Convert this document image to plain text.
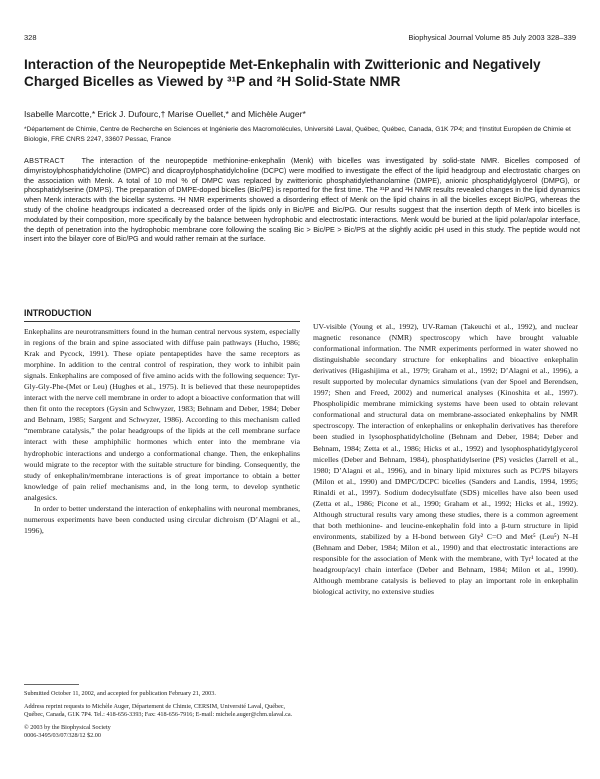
328	Biophysical Journal Volume 85 July 2003 328–339
Interaction of the Neuropeptide Met-Enkephalin with Zwitterionic and Negatively Charged Bicelles as Viewed by ³¹P and ²H Solid-State NMR
Isabelle Marcotte,* Erick J. Dufourc,† Marise Ouellet,* and Michèle Auger*
*Département de Chimie, Centre de Recherche en Sciences et Ingénierie des Macromolécules, Université Laval, Québec, Québec, Canada, G1K 7P4; and †Institut Européen de Chimie et Biologie, FRE CNRS 2247, 33607 Pessac, France

ABSTRACT The interaction of the neuropeptide methionine-enkephalin (Menk) with bicelles was investigated by solid-state NMR. Bicelles composed of dimyristoylphosphatidylcholine (DMPC) and dicaproylphosphatidylcholine (DCPC) were modified to investigate the effect of the lipid headgroup and electrostatic charges on the association with Menk. A total of 10 mol % of DMPC was replaced by zwitterionic phosphatidylethanolamine (DMPE), anionic phosphatidylglycerol (DMPG), or phosphatidylserine (DMPS). The preparation of DMPE-doped bicelles (Bic/PE) is reported for the first time. The ³¹P and ²H NMR results revealed changes in the lipid dynamics when Menk interacts with the bicellar systems. ²H NMR experiments showed a disordering effect of Menk on the lipid chains in all the bicelles except Bic/PG, whereas the study of the choline headgroups indicated a decreased order of the lipids only in Bic/PE and Bic/PG. Our results suggest that the insertion depth of Merk into bicelles is modulated by their composition, more specifically by the balance between hydrophobic and electrostatic interactions. Menk would be buried at the lipid polar/apolar interface, the depth of penetration into the hydrophobic membrane core following the scaling Bic > Bic/PE > Bic/PS at the slightly acidic pH used in this study. The peptide would not insert into the bilayer core of Bic/PG and would rather remain at the surface.

INTRODUCTION

Enkephalins are neurotransmitters found in the human central nervous system, especially in regions of the brain and spine associated with diffuse pain pathways (Hucho, 1986; Krak and Pycock, 1991). These opiate pentapeptides have the same receptors as morphine. In addition to the central control of respiration, they work to inhibit pain signals. Enkephalins are composed of five amino acids with the following sequence: Tyr-Gly-Gly-Phe-(Met or Leu) (Hughes et al., 1975). It is believed that these neuropeptides interact with the nerve cell membrane in order to adopt a bioactive conformation that will then fit onto the receptors (Gysin and Schwyzer, 1983; Behnam and Deber, 1984; Deber and Behnam, 1985; Sargent and Schwyzer, 1986). According to this mechanism called “membrane catalysis,” the polar headgroups of the lipids at the cell membrane surface interact with these amphiphilic hormones which enter into the membrane via hydrophobic interactions and undergo a conformational change. Then, the enkephalins would migrate to the receptor with the suitable structure for binding. Consequently, the study of enkephalin/membrane interactions is of great importance to obtain a better knowledge of pain relief mechanisms and, in the long term, to develop synthetic analgesics.

In order to better understand the interaction of enkephalins with neuronal membranes, numerous experiments have been conducted using circular dichroism (D’Alagni et al., 1996),

UV-visible (Young et al., 1992), UV-Raman (Takeuchi et al., 1992), and nuclear magnetic resonance (NMR) spectroscopy which have brought valuable conformational information. The NMR experiments performed in water showed no distinguishable secondary structure for enkephalins and bioactive enkephalin derivatives (Higashijima et al., 1979; Graham et al., 1992; D’Alagni et al., 1996), a result supported by molecular dynamics simulations (van der Spoel and Berendsen, 1997; Shen and Freed, 2002) and numerical analyses (Kinoshita et al., 1997). Phospholipidic membrane mimicking systems have been used to obtain relevant conformational and structural data on membrane-associated enkephalins by NMR spectroscopy. The interaction of enkephalins or enkephalin derivatives has therefore been studied in lysophosphatidylcholine (Behnam and Deber, 1984; Deber and Behnam, 1984; Zetta et al., 1986; Hicks et al., 1992) and lysophosphatidylglycerol micelles (Deber and Behnam, 1984), phosphatidylserine (PS) vesicles (Jarrell et al., 1980; D’Alagni et al., 1996), and in binary lipid mixtures such as PC/PS bilayers (Milon et al., 1990) and DMPC/DCPC bicelles (Sanders and Landis, 1994, 1995; Rinaldi et al., 1997). Sodium dodecylsulfate (SDS) micelles have also been used (Zetta et al., 1986; Picone et al., 1990; Graham et al., 1992; Hicks et al., 1992). Although structural results vary among these studies, there is a common agreement that both methionine- and leucine-enkephalin fold into a β-turn structure in lipid environments, stabilized by a H-bond between Gly² C=O and Met⁵ (Leu⁵) N–H (Behnam and Deber, 1984; Milon et al., 1990) and that electrostatic interactions are responsible for the association of Menk with the membrane, with Tyr¹ located at the headgroup/acyl chain interface (Deber and Behnam, 1984; Milon et al., 1990). Although membrane catalysis is believed to play an important role in enkephalin biological activity, no extensive studies

Submitted October 11, 2002, and accepted for publication February 21, 2003.

Address reprint requests to Michèle Auger, Département de Chimie, CERSIM, Université Laval, Québec, Québec, Canada, G1K 7P4. Tel.: 418-656-3393; Fax: 418-656-7916; E-mail: michele.auger@chm.ulaval.ca.

© 2003 by the Biophysical Society

0006-3495/03/07/328/12 $2.00
